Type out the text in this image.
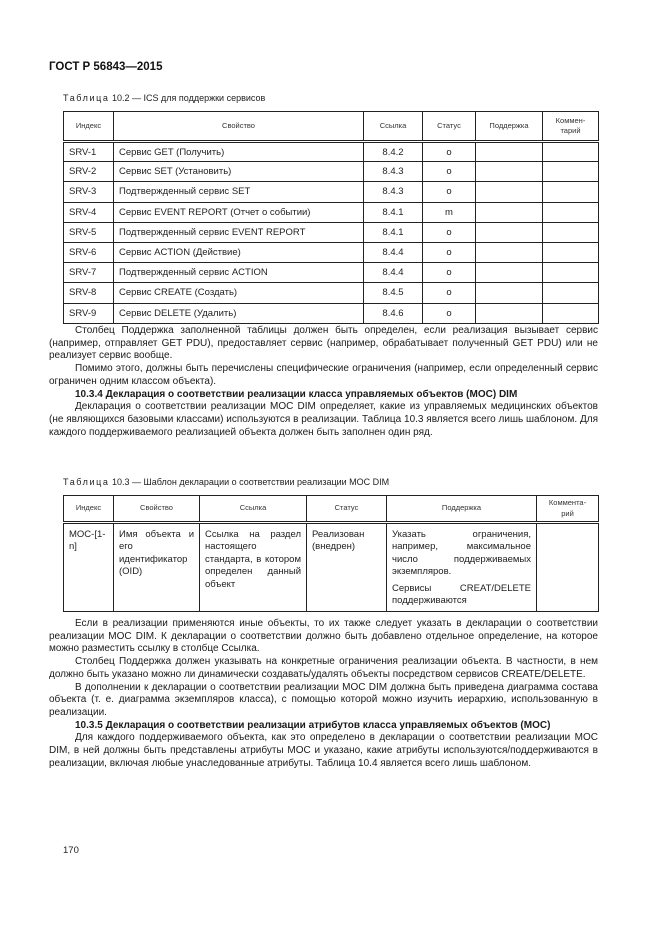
ГОСТ Р 56843—2015
Таблица 10.2 — ICS для поддержки сервисов
Индекс	Свойство	Ссылка	Статус	Поддержка	Коммен-
тарий
SRV-1	Сервис GET (Получить)	8.4.2	o		
SRV-2	Сервис SET (Установить)	8.4.3	o		
SRV-3	Подтвержденный сервис SET	8.4.3	o		
SRV-4	Сервис EVENT REPORT (Отчет о событии)	8.4.1	m		
SRV-5	Подтвержденный сервис EVENT REPORT	8.4.1	o		
SRV-6	Сервис ACTION (Действие)	8.4.4	o		
SRV-7	Подтвержденный сервис ACTION	8.4.4	o		
SRV-8	Сервис CREATE (Создать)	8.4.5	o		
SRV-9	Сервис DELETE (Удалить)	8.4.6	o		

Столбец Поддержка заполненной таблицы должен быть определен, если реализация вызывает сервис (например, отправляет GET PDU), предоставляет сервис (например, обрабатывает полученный GET PDU) или не реализует сервис вообще.

Помимо этого, должны быть перечислены специфические ограничения (например, если определенный сервис ограничен одним классом объекта).

10.3.4 Декларация о соответствии реализации класса управляемых объектов (МОС) DIM

Декларация о соответствии реализации МОС DIM определяет, какие из управляемых медицинских объектов (не являющихся базовыми классами) используются в реализации. Таблица 10.3 является всего лишь шаблоном. Для каждого поддерживаемого реализацией объекта должен быть заполнен один ряд.

Таблица 10.3 — Шаблон декларации о соответствии реализации МОС DIM
Индекс	Свойство	Ссылка	Статус	Поддержка	Коммента-
рий
МОС-[1-n]	Имя объекта и его идентификатор (OID)	Ссылка на раздел настоящего стандарта, в котором определен данный объект	Реализован (внедрен)	Указать ограничения, например, максимальное число поддерживаемых экземпляров.

Сервисы CREAT/DELETE поддерживаются	

Если в реализации применяются иные объекты, то их также следует указать в декларации о соответствии реализации МОС DIM. К декларации о соответствии должно быть добавлено отдельное определение, на которое можно разместить ссылку в столбце Ссылка.

Столбец Поддержка должен указывать на конкретные ограничения реализации объекта. В частности, в нем должно быть указано можно ли динамически создавать/удалять объекты посредством сервисов CREATE/DELETE.

В дополнении к декларации о соответствии реализации МОС DIM должна быть приведена диаграмма состава объекта (т. е. диаграмма экземпляров класса), с помощью которой можно изучить иерархию, использованную в реализации.

10.3.5 Декларация о соответствии реализации атрибутов класса управляемых объектов (МОС)

Для каждого поддерживаемого объекта, как это определено в декларации о соответствии реализации МОС DIM, в ней должны быть представлены атрибуты МОС и указано, какие атрибуты используются/поддерживаются в реализации, включая любые унаследованные атрибуты. Таблица 10.4 является всего лишь шаблоном.

170
